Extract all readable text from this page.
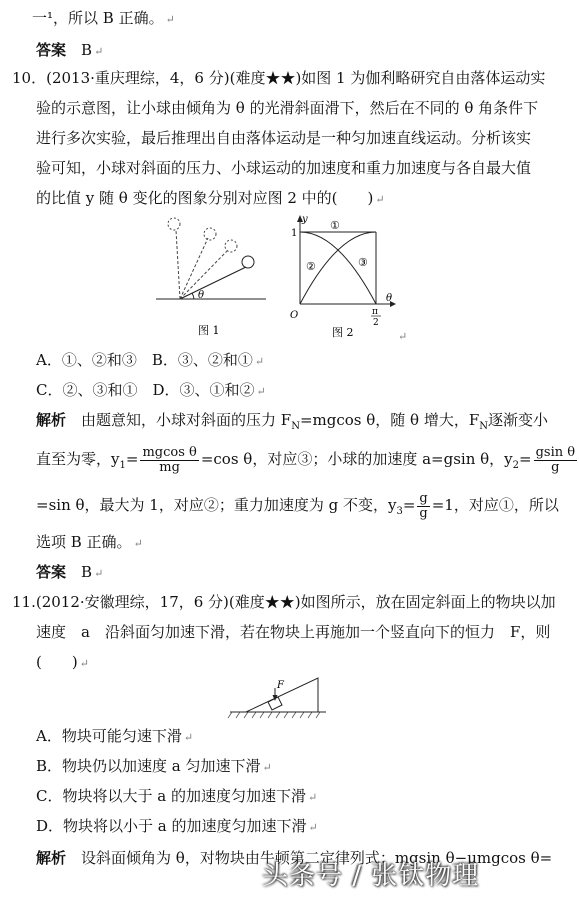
一¹，所以 B 正确。 ↵
答案　 B ↵
10．(2013·重庆理综，4，6 分)(难度★★)如图 1 为伽利略研究自由落体运动实
验的示意图，让小球由倾角为 θ 的光滑斜面滑下，然后在不同的 θ 角条件下
进行多次实验，最后推理出自由落体运动是一种匀加速直线运动。分析该实
验可知，小球对斜面的压力、小球运动的加速度和重力加速度与各自最大值
的比值 y 随 θ 变化的图象分别对应图 2 中的(　　) ↵
θ
图 1
y
θ
O
1
π
2
①
②	③
图 2	↵
A．①、②和③　B．③、②和① ↵
C．②、③和①　D．③、①和② ↵
解析　 由题意知，小球对斜面的压力 $F_N=mgcos$ θ，随 θ 增大，$F_N$逐渐变小
直至为零，$y_1= \frac{\text{mgcos θ}}{mg} =\cos$ θ，对应③；小球的加速度 a=gsin θ，$y_2= \frac{\text{gsin θ}}{g}$
=sin θ，最大为 1，对应②；重力加速度为 g 不变，$y_3= \frac{g}{g} =1$，对应①，所以
选项 B 正确。 ↵
答案　 B ↵
11.(2012·安徽理综，17，6 分)(难度★★)如图所示，放在固定斜面上的物块以加
速度　a　沿斜面匀加速下滑，若在物块上再施加一个竖直向下的恒力　F，则
(　　) ↵
F
A．物块可能匀速下滑 ↵
B．物块仍以加速度 a 匀加速下滑 ↵
C．物块将以大于 a 的加速度匀加速下滑 ↵
D．物块将以小于 a 的加速度匀加速下滑 ↵
解析　 设斜面倾角为 θ，对物块由牛顿第二定律列式：mgsin θ−μmgcos θ=
头条号 / 张钛物理
